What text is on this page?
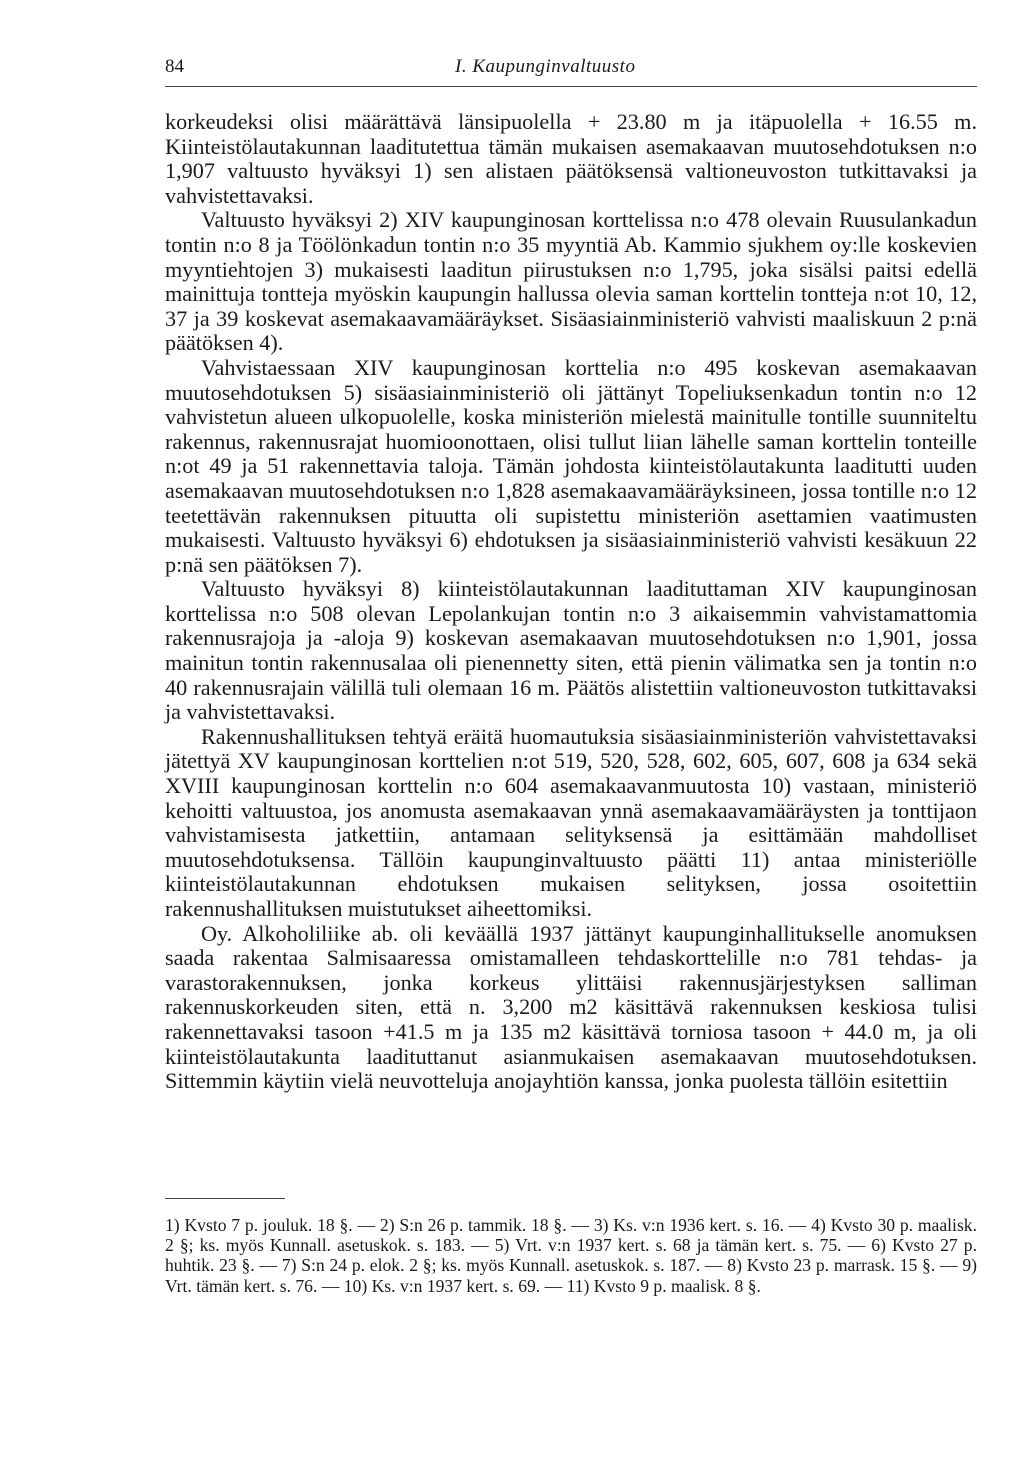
84	I. Kaupunginvaltuusto

korkeudeksi olisi määrättävä länsipuolella + 23.80 m ja itäpuolella + 16.55 m. Kiinteistölautakunnan laaditutettua tämän mukaisen asemakaavan muutosehdotuksen n:o 1,907 valtuusto hyväksyi 1) sen alistaen päätöksensä valtioneuvoston tutkittavaksi ja vahvistettavaksi.

Valtuusto hyväksyi 2) XIV kaupunginosan korttelissa n:o 478 olevain Ruusulankadun tontin n:o 8 ja Töölönkadun tontin n:o 35 myyntiä Ab. Kammio sjukhem oy:lle koskevien myyntiehtojen 3) mukaisesti laaditun piirustuksen n:o 1,795, joka sisälsi paitsi edellä mainittuja tontteja myöskin kaupungin hallussa olevia saman korttelin tontteja n:ot 10, 12, 37 ja 39 koskevat asemakaavamääräykset. Sisäasiainministeriö vahvisti maaliskuun 2 p:nä päätöksen 4).

Vahvistaessaan XIV kaupunginosan korttelia n:o 495 koskevan asemakaavan muutosehdotuksen 5) sisäasiainministeriö oli jättänyt Topeliuksenkadun tontin n:o 12 vahvistetun alueen ulkopuolelle, koska ministeriön mielestä mainitulle tontille suunniteltu rakennus, rakennusrajat huomioonottaen, olisi tullut liian lähelle saman korttelin tonteille n:ot 49 ja 51 rakennettavia taloja. Tämän johdosta kiinteistölautakunta laaditutti uuden asemakaavan muutosehdotuksen n:o 1,828 asemakaavamääräyksineen, jossa tontille n:o 12 teetettävän rakennuksen pituutta oli supistettu ministeriön asettamien vaatimusten mukaisesti. Valtuusto hyväksyi 6) ehdotuksen ja sisäasiainministeriö vahvisti kesäkuun 22 p:nä sen päätöksen 7).

Valtuusto hyväksyi 8) kiinteistölautakunnan laadituttaman XIV kaupunginosan korttelissa n:o 508 olevan Lepolankujan tontin n:o 3 aikaisemmin vahvistamattomia rakennusrajoja ja -aloja 9) koskevan asemakaavan muutosehdotuksen n:o 1,901, jossa mainitun tontin rakennusalaa oli pienennetty siten, että pienin välimatka sen ja tontin n:o 40 rakennusrajain välillä tuli olemaan 16 m. Päätös alistettiin valtioneuvoston tutkittavaksi ja vahvistettavaksi.

Rakennushallituksen tehtyä eräitä huomautuksia sisäasiainministeriön vahvistettavaksi jätettyä XV kaupunginosan korttelien n:ot 519, 520, 528, 602, 605, 607, 608 ja 634 sekä XVIII kaupunginosan korttelin n:o 604 asemakaavanmuutosta 10) vastaan, ministeriö kehoitti valtuustoa, jos anomusta asemakaavan ynnä asemakaavamääräysten ja tonttijaon vahvistamisesta jatkettiin, antamaan selityksensä ja esittämään mahdolliset muutosehdotuksensa. Tällöin kaupunginvaltuusto päätti 11) antaa ministeriölle kiinteistölautakunnan ehdotuksen mukaisen selityksen, jossa osoitettiin rakennushallituksen muistutukset aiheettomiksi.

Oy. Alkoholiliike ab. oli keväällä 1937 jättänyt kaupunginhallitukselle anomuksen saada rakentaa Salmisaaressa omistamalleen tehdaskorttelille n:o 781 tehdas- ja varastorakennuksen, jonka korkeus ylittäisi rakennusjärjestyksen salliman rakennuskorkeuden siten, että n. 3,200 m2 käsittävä rakennuksen keskiosa tulisi rakennettavaksi tasoon +41.5 m ja 135 m2 käsittävä torniosa tasoon + 44.0 m, ja oli kiinteistölautakunta laadituttanut asianmukaisen asemakaavan muutosehdotuksen. Sittemmin käytiin vielä neuvotteluja anojayhtiön kanssa, jonka puolesta tällöin esitettiin

1) Kvsto 7 p. jouluk. 18 §. — 2) S:n 26 p. tammik. 18 §. — 3) Ks. v:n 1936 kert. s. 16. — 4) Kvsto 30 p. maalisk. 2 §; ks. myös Kunnall. asetuskok. s. 183. — 5) Vrt. v:n 1937 kert. s. 68 ja tämän kert. s. 75. — 6) Kvsto 27 p. huhtik. 23 §. — 7) S:n 24 p. elok. 2 §; ks. myös Kunnall. asetuskok. s. 187. — 8) Kvsto 23 p. marrask. 15 §. — 9) Vrt. tämän kert. s. 76. — 10) Ks. v:n 1937 kert. s. 69. — 11) Kvsto 9 p. maalisk. 8 §.
